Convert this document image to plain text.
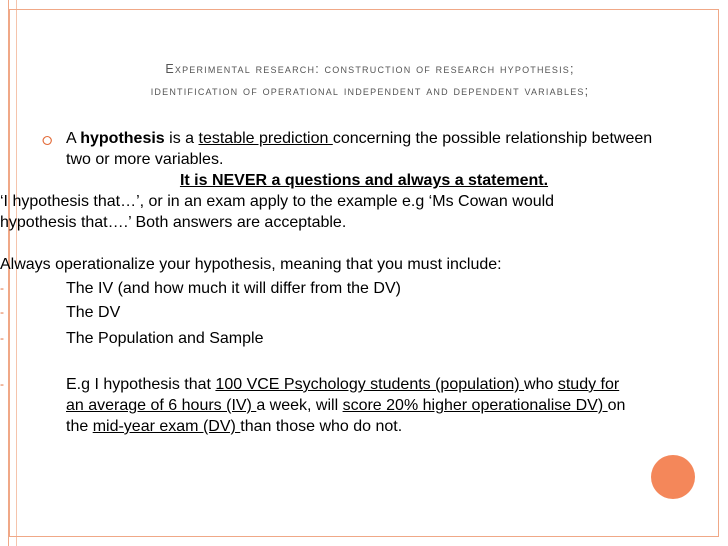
Experimental research: construction of research hypothesis;
identification of operational independent and dependent variables;
⭘ A hypothesis is a testable prediction concerning the possible relationship between two or more variables.
It is NEVER a questions and always a statement.
‘I hypothesis that…’, or in an exam apply to the example e.g ‘Ms Cowan would hypothesis that….’ Both answers are acceptable.
Always operationalize your hypothesis, meaning that you must include:
-	The IV (and how much it will differ from the DV)
-	The DV
-	The Population and Sample
-	E.g I hypothesis that 100 VCE Psychology students (population) who study for an average of 6 hours (IV) a week, will score 20% higher operationalise DV) on the mid-year exam (DV) than those who do not.
